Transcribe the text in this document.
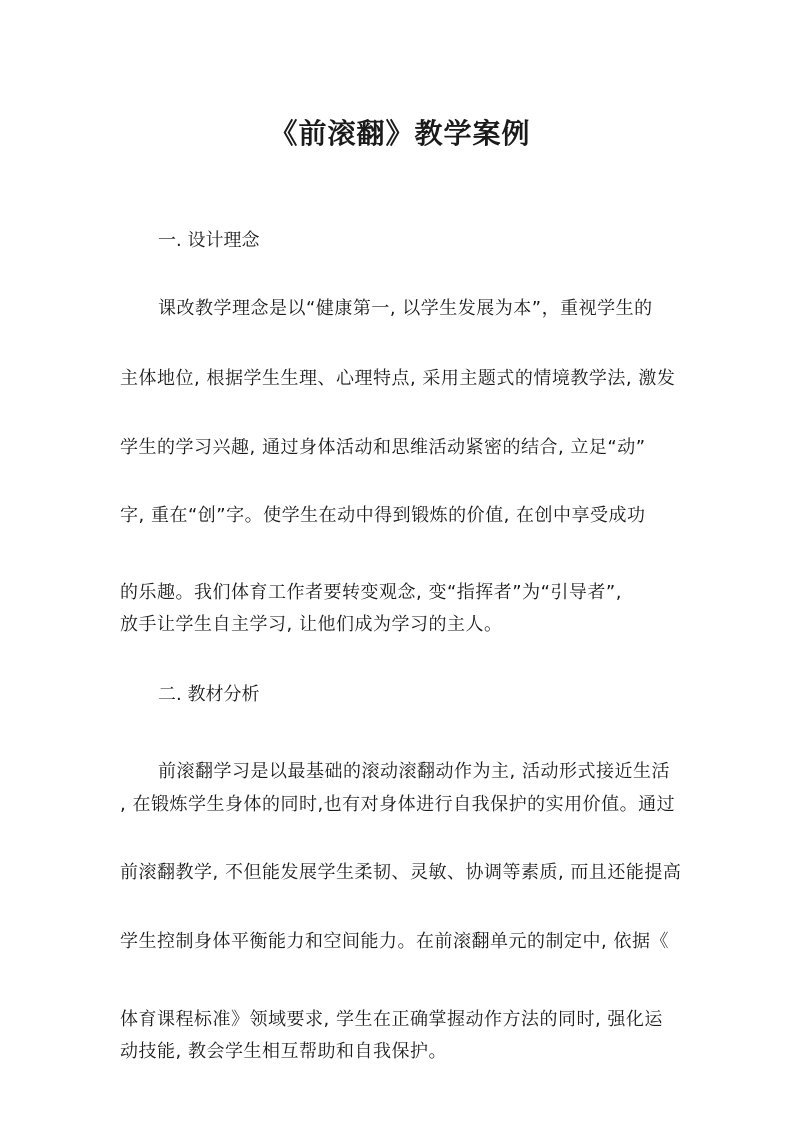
《前滚翻》教学案例
一. 设计理念
课改教学理念是以“健康第一, 以学生发展为本”，重视学生的
主体地位, 根据学生生理、心理特点, 采用主题式的情境教学法, 激发
学生的学习兴趣, 通过身体活动和思维活动紧密的结合, 立足“动”
字, 重在“创”字。使学生在动中得到锻炼的价值, 在创中享受成功
的乐趣。我们体育工作者要转变观念, 变“指挥者”为“引导者”,
放手让学生自主学习, 让他们成为学习的主人。
二. 教材分析
前滚翻学习是以最基础的滚动滚翻动作为主, 活动形式接近生活
, 在锻炼学生身体的同时,也有对身体进行自我保护的实用价值。通过
前滚翻教学, 不但能发展学生柔韧、灵敏、协调等素质, 而且还能提高
学生控制身体平衡能力和空间能力。在前滚翻单元的制定中, 依据《
体育课程标准》领域要求, 学生在正确掌握动作方法的同时, 强化运
动技能, 教会学生相互帮助和自我保护。
